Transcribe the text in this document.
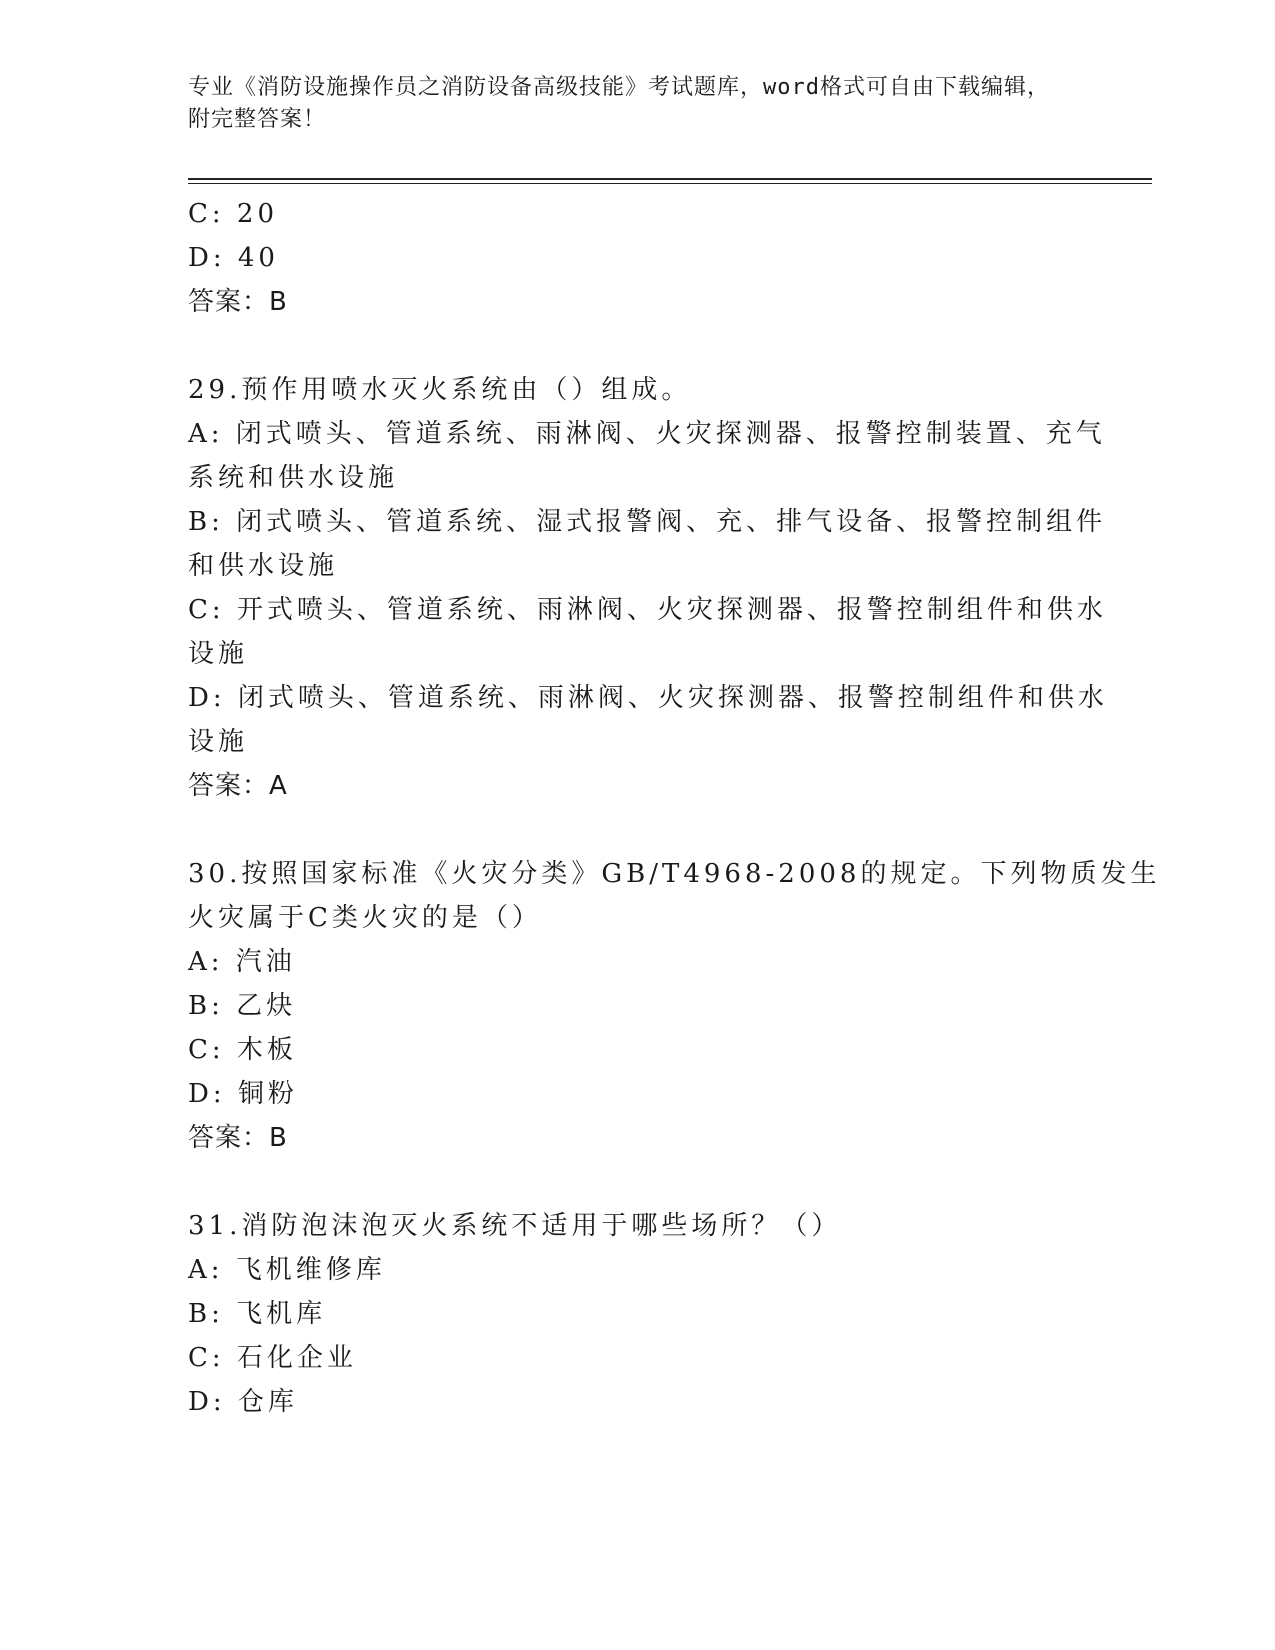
专业《消防设施操作员之消防设备高级技能》考试题库，word格式可自由下载编辑，附完整答案！
C: 20
D: 40
答案：B
29.预作用喷水灭火系统由（）组成。
A: 闭式喷头、管道系统、雨淋阀、火灾探测器、报警控制装置、充气
系统和供水设施
B: 闭式喷头、管道系统、湿式报警阀、充、排气设备、报警控制组件
和供水设施
C: 开式喷头、管道系统、雨淋阀、火灾探测器、报警控制组件和供水
设施
D: 闭式喷头、管道系统、雨淋阀、火灾探测器、报警控制组件和供水
设施
答案：A
30.按照国家标准《火灾分类》GB/T4968-2008的规定。下列物质发生
火灾属于C类火灾的是（）
A: 汽油
B: 乙炔
C: 木板
D: 铜粉
答案：B
31.消防泡沫泡灭火系统不适用于哪些场所？（）
A: 飞机维修库
B: 飞机库
C: 石化企业
D: 仓库
